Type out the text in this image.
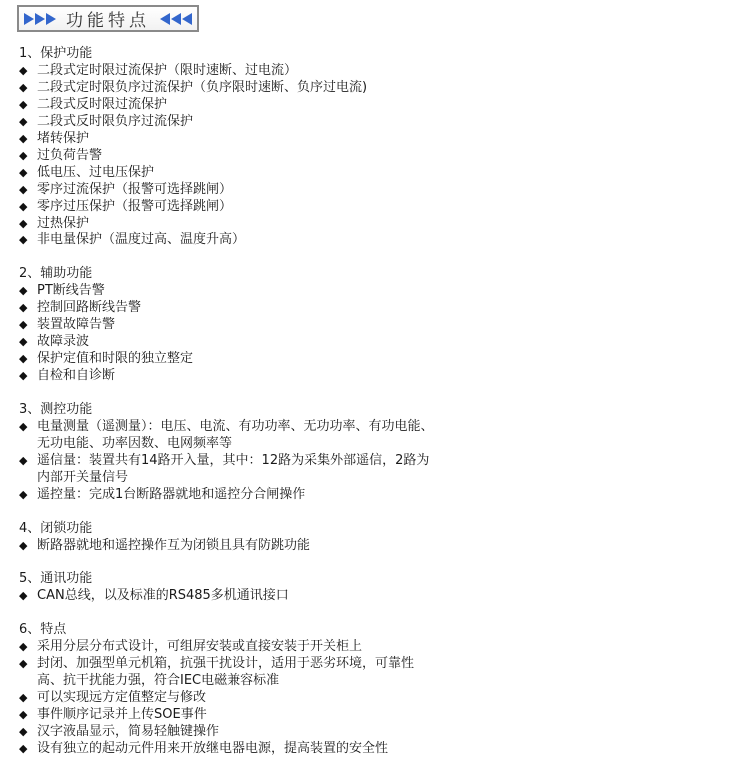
功能特点
1、保护功能
◆ 二段式定时限过流保护（限时速断、过电流）
◆ 二段式定时限负序过流保护（负序限时速断、负序过电流)
◆ 二段式反时限过流保护
◆ 二段式反时限负序过流保护
◆ 堵转保护
◆ 过负荷告警
◆ 低电压、过电压保护
◆ 零序过流保护（报警可选择跳闸）
◆ 零序过压保护（报警可选择跳闸）
◆ 过热保护
◆ 非电量保护（温度过高、温度升高）
2、辅助功能
◆ PT断线告警
◆ 控制回路断线告警
◆ 装置故障告警
◆ 故障录波
◆ 保护定值和时限的独立整定
◆ 自检和自诊断
3、测控功能
◆ 电量测量（遥测量）：电压、电流、有功功率、无功功率、有功电能、无功电能、功率因数、电网频率等
◆ 遥信量：装置共有14路开入量，其中：12路为采集外部遥信，2路为内部开关量信号
◆ 遥控量：完成1台断路器就地和遥控分合闸操作
4、闭锁功能
◆ 断路器就地和遥控操作互为闭锁且具有防跳功能
5、通讯功能
◆ CAN总线，以及标准的RS485多机通讯接口
6、特点
◆ 采用分层分布式设计，可组屏安装或直接安装于开关柜上
◆ 封闭、加强型单元机箱，抗强干扰设计，适用于恶劣环境，可靠性高、抗干扰能力强，符合IEC电磁兼容标准
◆ 可以实现远方定值整定与修改
◆ 事件顺序记录并上传SOE事件
◆ 汉字液晶显示，简易轻触键操作
◆ 设有独立的起动元件用来开放继电器电源，提高装置的安全性
